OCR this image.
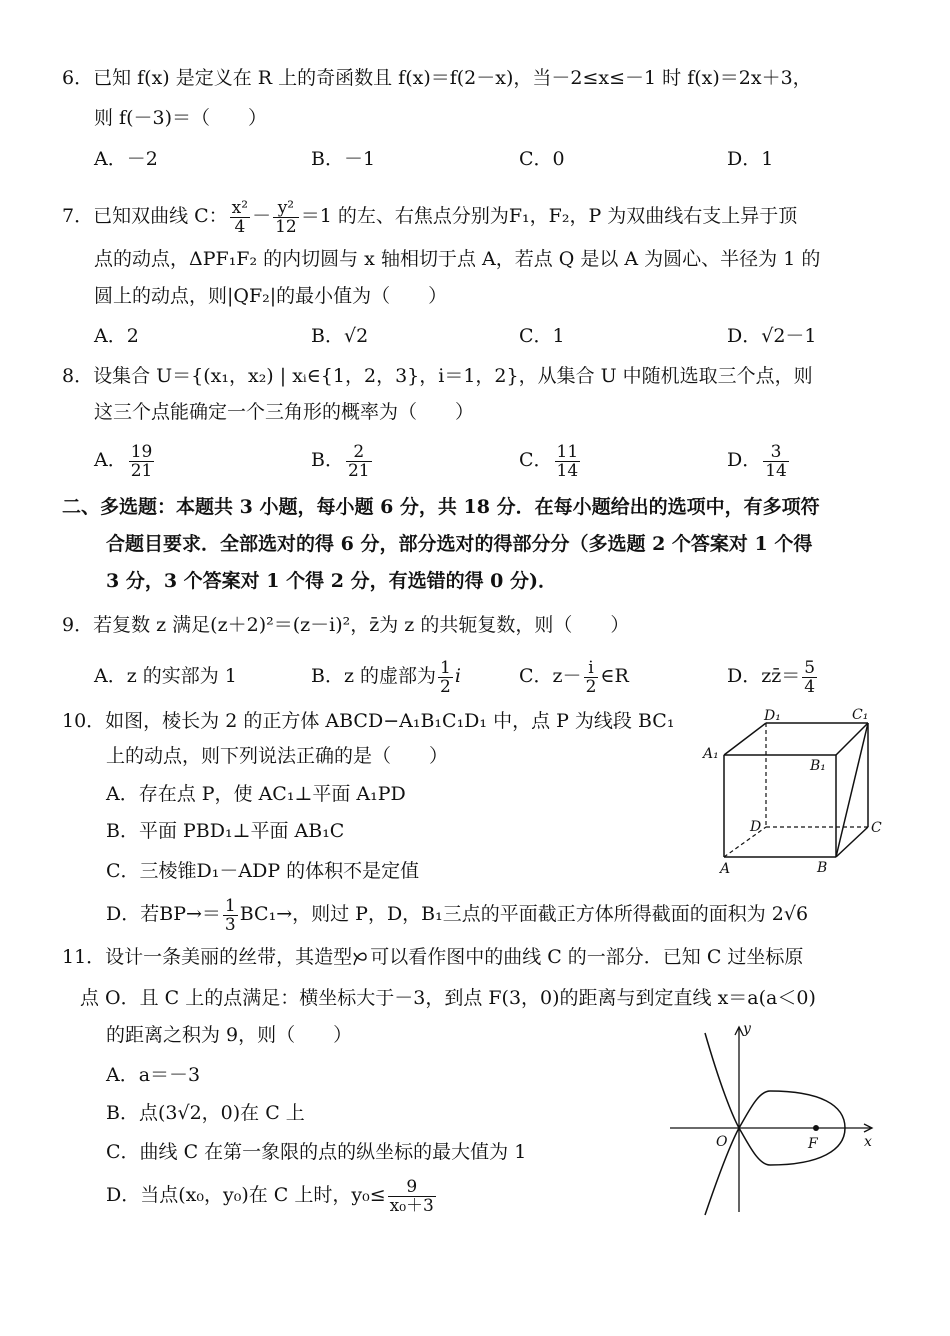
6．已知 f(x) 是定义在 R 上的奇函数且 f(x)＝f(2－x)，当－2≤x≤－1 时 f(x)＝2x＋3，
则 f(－3)＝（　　）
A．－2	B．－1	C．0	D．1
7．已知双曲线 C： $\frac{\text{x²}}{4} - \frac{\text{y²}}{12} =1$ 的左、右焦点分别为F₁，F₂，P 为双曲线右支上异于顶
点的动点，ΔPF₁F₂ 的内切圆与 x 轴相切于点 A，若点 Q 是以 A 为圆心、半径为 1 的
圆上的动点，则|QF₂|的最小值为（　　）
A．2	B．√2	C．1	D．√2－1
8．设集合 U＝{(x₁，x₂) | xᵢ∈{1，2，3}，i＝1，2}，从集合 U 中随机选取三个点，则
这三个点能确定一个三角形的概率为（　　）
A． $\frac{19}{21}$	B． $\frac{2}{21}$	C． $\frac{11}{14}$	D． $\frac{3}{14}$
二、多选题：本题共 3 小题，每小题 6 分，共 18 分．在每小题给出的选项中，有多项符
合题目要求．全部选对的得 6 分，部分选对的得部分分（多选题 2 个答案对 1 个得
3 分，3 个答案对 1 个得 2 分，有选错的得 0 分)．
9．若复数 z 满足(z＋2)²＝(z－i)²，z̄为 z 的共轭复数，则（　　）
A．z 的实部为 1	B．z 的虚部为 $\frac{1}{2}$ i	C．$z- \frac{i}{2}$ ∈R	D．zz̄＝ $\frac{5}{4}$
10．如图，棱长为 2 的正方体 ABCD−A₁B₁C₁D₁ 中，点 P 为线段 BC₁
上的动点，则下列说法正确的是（　　）
A．存在点 P，使 AC₁⊥平面 A₁PD
B．平面 PBD₁⊥平面 AB₁C
C．三棱锥D₁－ADP 的体积不是定值
D．若$BP\to= \frac{1}{3} BC_1\to$，则过 P，D，B₁三点的平面截正方体所得截面的面积为 2√6
D₁	C₁
A₁
B₁
D	C
A	B
11．设计一条美丽的丝带，其造型 可以看作图中的曲线 C 的一部分．已知 C 过坐标原
点 O．且 C 上的点满足：横坐标大于－3，到点 F(3，0)的距离与到定直线 x＝a(a＜0)
的距离之积为 9，则（　　）
A．a＝－3
B．点(3√2，0)在 C 上
C．曲线 C 在第一象限的点的纵坐标的最大值为 1
D．当点(x₀，y₀)在 C 上时，$y_0\le \frac{9}{\text{x₀＋3}}$
y
x
O	F
